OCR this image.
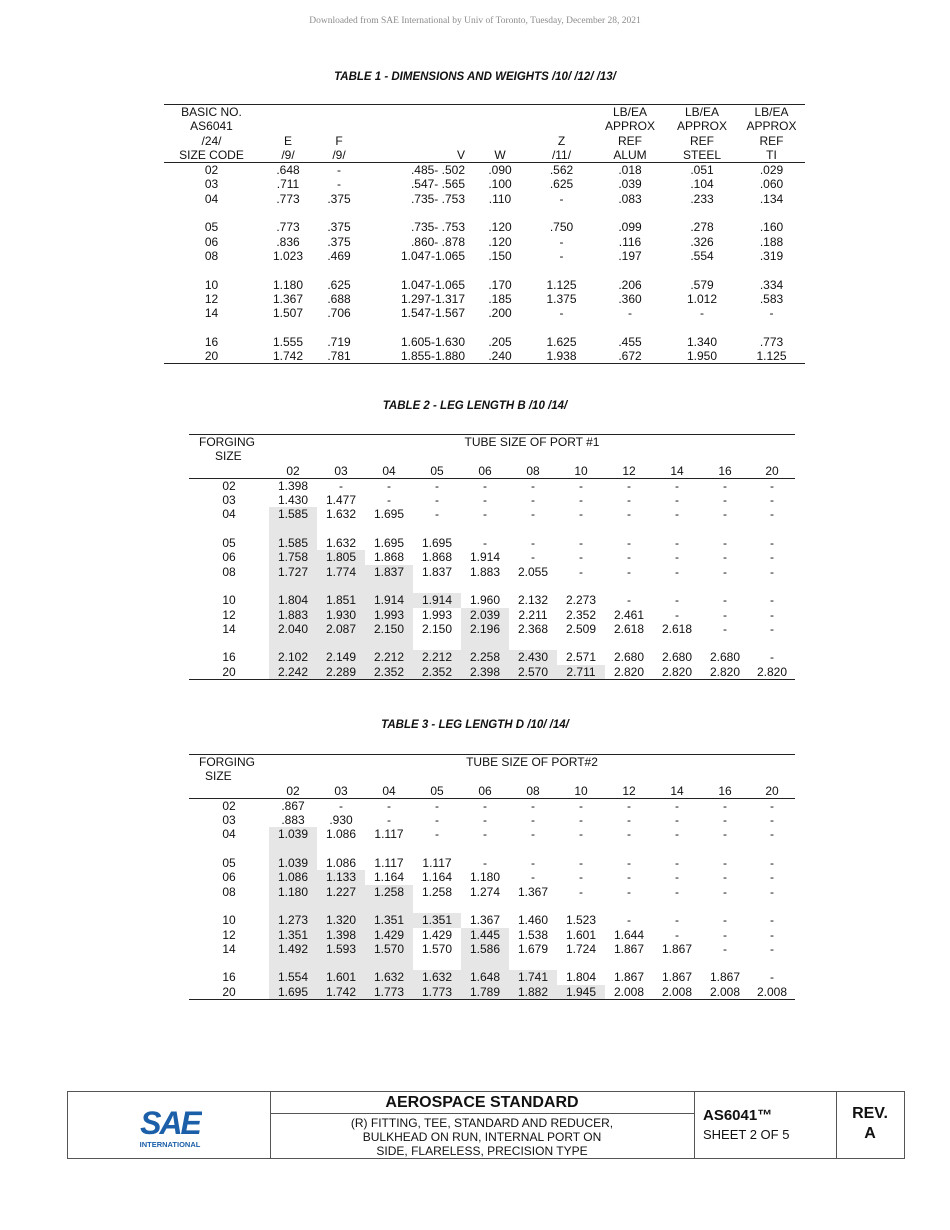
Downloaded from SAE International by Univ of Toronto, Tuesday, December 28, 2021
TABLE 1 - DIMENSIONS AND WEIGHTS /10/ /12/ /13/
BASIC NO.						LB/EA	LB/EA	LB/EA
AS6041						APPROX	APPROX	APPROX
/24/	E	F			Z	REF	REF	REF
SIZE CODE	/9/	/9/	V	W	/11/	ALUM	STEEL	TI
02	.648	-	.485- .502	.090	.562	.018	.051	.029
03	.711	-	.547- .565	.100	.625	.039	.104	.060
04	.773	.375	.735- .753	.110	-	.083	.233	.134

05	.773	.375	.735- .753	.120	.750	.099	.278	.160
06	.836	.375	.860- .878	.120	-	.116	.326	.188
08	1.023	.469	1.047-1.065	.150	-	.197	.554	.319

10	1.180	.625	1.047-1.065	.170	1.125	.206	.579	.334
12	1.367	.688	1.297-1.317	.185	1.375	.360	1.012	.583
14	1.507	.706	1.547-1.567	.200	-	-	-	-

16	1.555	.719	1.605-1.630	.205	1.625	.455	1.340	.773
20	1.742	.781	1.855-1.880	.240	1.938	.672	1.950	1.125
TABLE 2 - LEG LENGTH B /10 /14/
FORGING	TUBE SIZE OF PORT #1										
SIZE											
	02	03	04	05	06	08	10	12	14	16	20
02	1.398	-	-	-	-	-	-	-	-	-	-
03	1.430	1.477	-	-	-	-	-	-	-	-	-
04	1.585	1.632	1.695	-	-	-	-	-	-	-	-

05	1.585	1.632	1.695	1.695	-	-	-	-	-	-	-
06	1.758	1.805	1.868	1.868	1.914	-	-	-	-	-	-
08	1.727	1.774	1.837	1.837	1.883	2.055	-	-	-	-	-

10	1.804	1.851	1.914	1.914	1.960	2.132	2.273	-	-	-	-
12	1.883	1.930	1.993	1.993	2.039	2.211	2.352	2.461	-	-	-
14	2.040	2.087	2.150	2.150	2.196	2.368	2.509	2.618	2.618	-	-

16	2.102	2.149	2.212	2.212	2.258	2.430	2.571	2.680	2.680	2.680	-
20	2.242	2.289	2.352	2.352	2.398	2.570	2.711	2.820	2.820	2.820	2.820
TABLE 3 - LEG LENGTH D /10/ /14/
FORGING	TUBE SIZE OF PORT#2										
SIZE											
	02	03	04	05	06	08	10	12	14	16	20
02	.867	-	-	-	-	-	-	-	-	-	-
03	.883	.930	-	-	-	-	-	-	-	-	-
04	1.039	1.086	1.117	-	-	-	-	-	-	-	-

05	1.039	1.086	1.117	1.117	-	-	-	-	-	-	-
06	1.086	1.133	1.164	1.164	1.180	-	-	-	-	-	-
08	1.180	1.227	1.258	1.258	1.274	1.367	-	-	-	-	-

10	1.273	1.320	1.351	1.351	1.367	1.460	1.523	-	-	-	-
12	1.351	1.398	1.429	1.429	1.445	1.538	1.601	1.644	-	-	-
14	1.492	1.593	1.570	1.570	1.586	1.679	1.724	1.867	1.867	-	-

16	1.554	1.601	1.632	1.632	1.648	1.741	1.804	1.867	1.867	1.867	-
20	1.695	1.742	1.773	1.773	1.789	1.882	1.945	2.008	2.008	2.008	2.008
SAE
INTERNATIONAL
AEROSPACE STANDARD
(R) FITTING, TEE, STANDARD AND REDUCER,
BULKHEAD ON RUN, INTERNAL PORT ON
SIDE, FLARELESS, PRECISION TYPE
AS6041™
SHEET 2 OF 5
REV.
A
